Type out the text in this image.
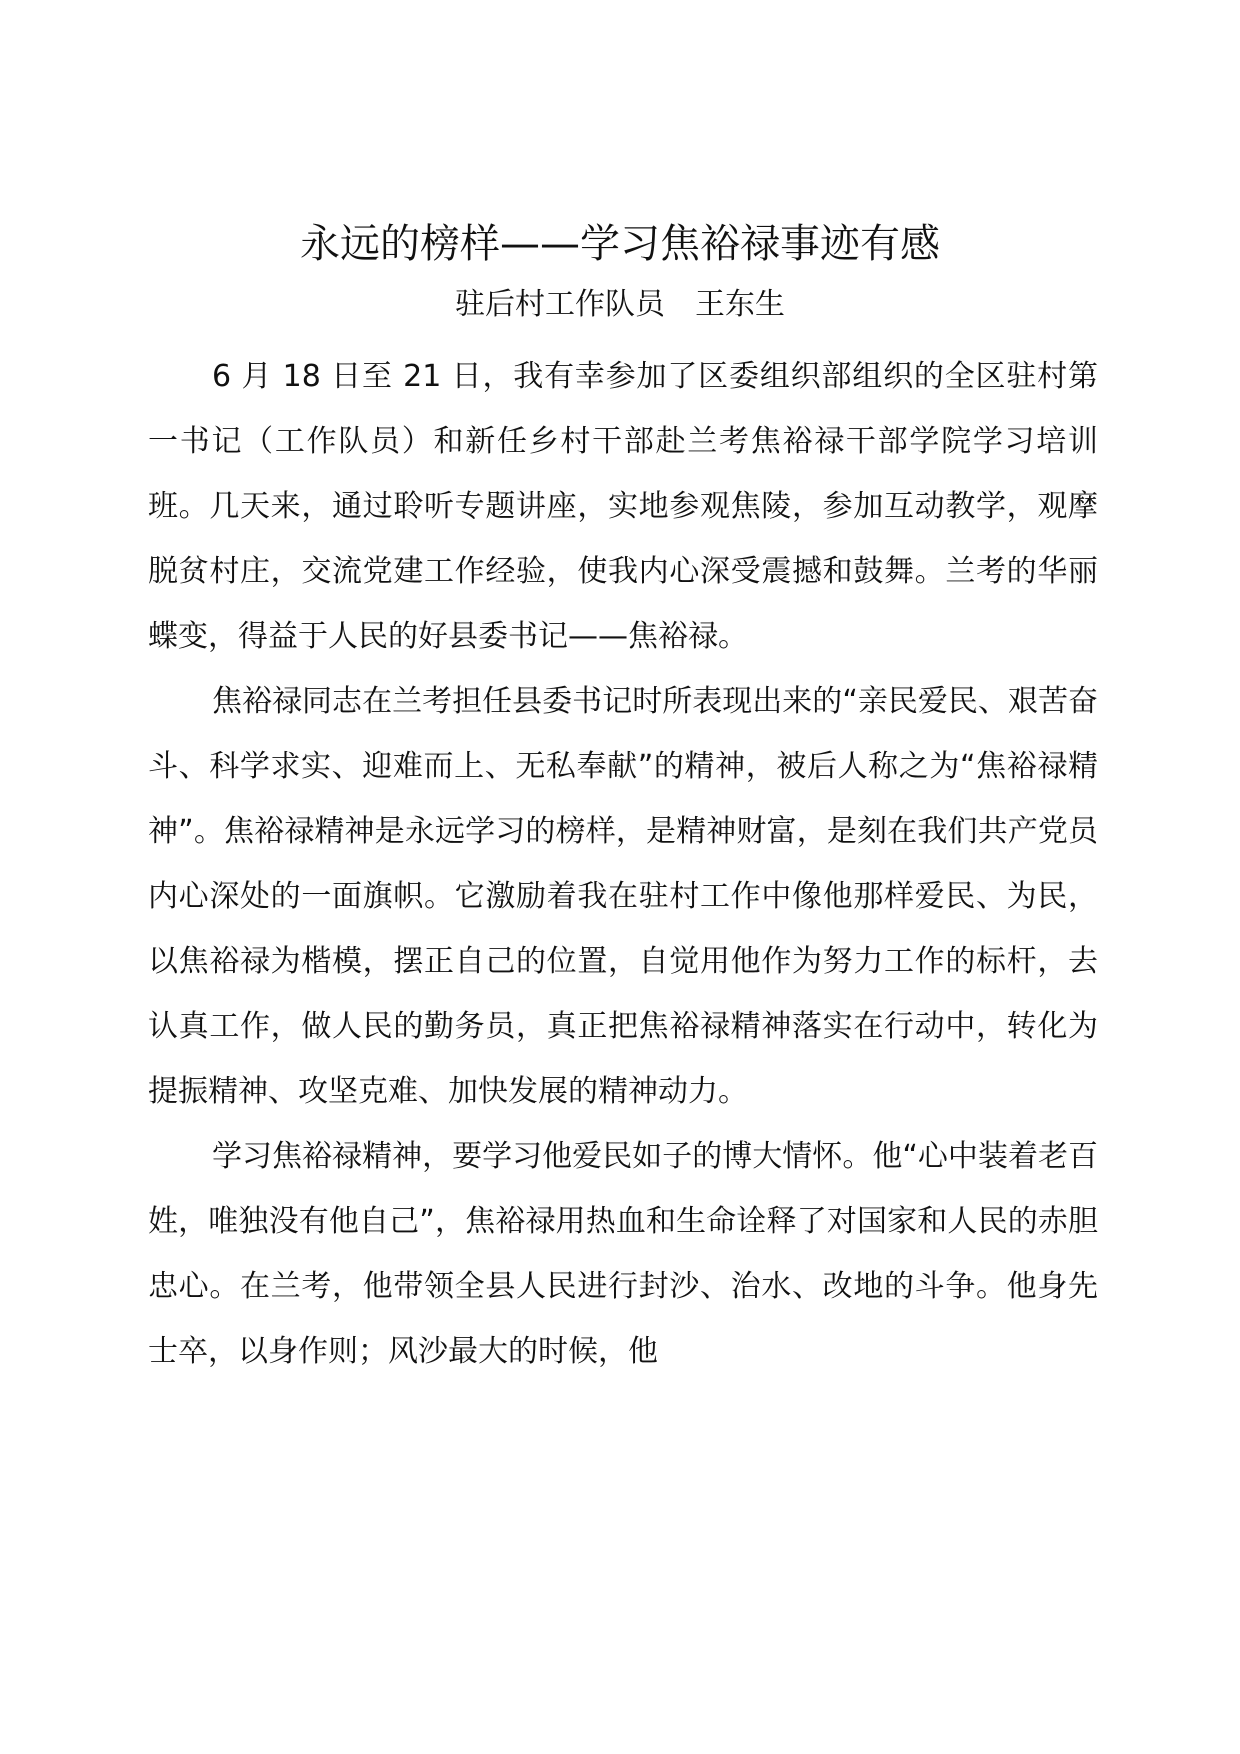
永远的榜样——学习焦裕禄事迹有感
驻后村工作队员　王东生

6 月 18 日至 21 日，我有幸参加了区委组织部组织的全区驻村第一书记（工作队员）和新任乡村干部赴兰考焦裕禄干部学院学习培训班。几天来，通过聆听专题讲座，实地参观焦陵，参加互动教学，观摩脱贫村庄，交流党建工作经验，使我内心深受震撼和鼓舞。兰考的华丽蝶变，得益于人民的好县委书记——焦裕禄。

焦裕禄同志在兰考担任县委书记时所表现出来的“亲民爱民、艰苦奋斗、科学求实、迎难而上、无私奉献”的精神，被后人称之为“焦裕禄精神”。焦裕禄精神是永远学习的榜样，是精神财富，是刻在我们共产党员内心深处的一面旗帜。它激励着我在驻村工作中像他那样爱民、为民，以焦裕禄为楷模，摆正自己的位置，自觉用他作为努力工作的标杆，去认真工作，做人民的勤务员，真正把焦裕禄精神落实在行动中，转化为提振精神、攻坚克难、加快发展的精神动力。

学习焦裕禄精神，要学习他爱民如子的博大情怀。他“心中装着老百姓，唯独没有他自己”，焦裕禄用热血和生命诠释了对国家和人民的赤胆忠心。在兰考，他带领全县人民进行封沙、治水、改地的斗争。他身先士卒，以身作则；风沙最大的时候，他
